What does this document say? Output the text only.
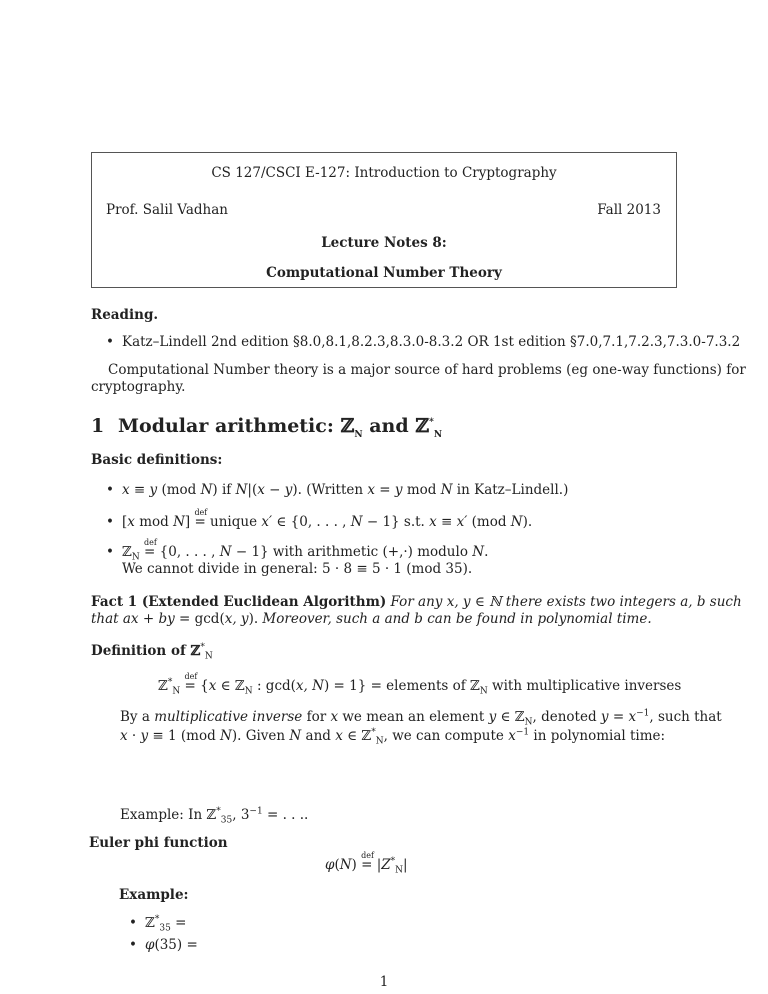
CS 127/CSCI E-127: Introduction to Cryptography
Prof. Salil Vadhan	Fall 2013
Lecture Notes 8:
Computational Number Theory
Reading.
• Katz–Lindell 2nd edition §8.0,8.1,8.2.3,8.3.0-8.3.2 OR 1st edition §7.0,7.1,7.2.3,7.3.0-7.3.2
Computational Number theory is a major source of hard problems (eg one-way functions) for
cryptography.
1 Modular arithmetic: ℤ$_N$ and ℤ*$_N$
Basic definitions:
• x ≡ y (mod N) if N|(x − y). (Written x = y mod N in Katz–Lindell.)
• [x mod N] def = unique x′ ∈ {0, . . . , N − 1} s.t. x ≡ x′ (mod N).
• ℤ$_N$ def = {0, . . . , N − 1} with arithmetic (+,·) modulo N.
We cannot divide in general: 5 · 8 ≡ 5 · 1 (mod 35).
Fact 1 (Extended Euclidean Algorithm) For any x, y ∈ ℕ there exists two integers a, b such
that ax + by = gcd(x, y). Moreover, such a and b can be found in polynomial time.
Definition of ℤ*$_N$
ℤ*$_N$ def = {x ∈ ℤ$_N$ : gcd(x, N) = 1} = elements of ℤ$_N$ with multiplicative inverses
By a multiplicative inverse for x we mean an element y ∈ ℤ$_N$, denoted $y = x^{-1}$, such that
x · y ≡ 1 (mod N). Given N and x ∈ ℤ*$_N$, we can compute $x^{-1}$ in polynomial time:
Example: In ℤ*$_{35}$, $3^{-1}$ = . . ..
Euler phi function
φ(N) def = $|Z^*_N|$
Example:
• ℤ*$_{35}$ =
• φ(35) =
1
